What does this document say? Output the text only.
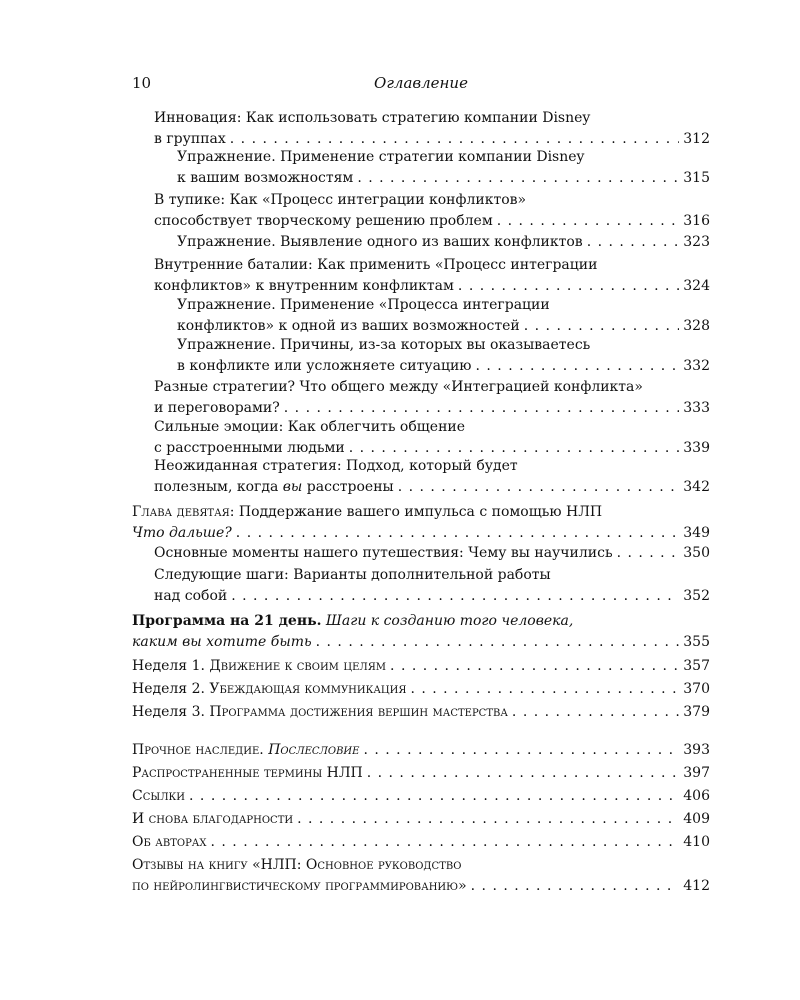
10	Оглавление
Инновация: Как использовать стратегию компании Disney
в группах . . .	312
Упражнение. Применение стратегии компании Disney
к вашим возможностям . . .	315
В тупике: Как «Процесс интеграции конфликтов»
способствует творческому решению проблем . . .	316
Упражнение. Выявление одного из ваших конфликтов . . .	323
Внутренние баталии: Как применить «Процесс интеграции
конфликтов» к внутренним конфликтам . . .	324
Упражнение. Применение «Процесса интеграции
конфликтов» к одной из ваших возможностей . . .	328
Упражнение. Причины, из-за которых вы оказываетесь
в конфликте или усложняете ситуацию . . .	332
Разные стратегии? Что общего между «Интеграцией конфликта»
и переговорами? . . .	333
Сильные эмоции: Как облегчить общение
с расстроенными людьми . . .	339
Неожиданная стратегия: Подход, который будет
полезным, когда вы расстроены . . .	342
Глава девятая: Поддержание вашего импульса с помощью НЛП
Что дальше? . . .	349
Основные моменты нашего путешествия: Чему вы научились . . .	350
Следующие шаги: Варианты дополнительной работы
над собой . . .	352
Программа на 21 день. Шаги к созданию того человека,
каким вы хотите быть . . .	355
Неделя 1. Движение к своим целям . . .	357
Неделя 2. Убеждающая коммуникация . . .	370
Неделя 3. Программа достижения вершин мастерства . . .	379
Прочное наследие. Послесловие . . .	393
Распространенные термины НЛП . . .	397
Ссылки . . .	406
И снова благодарности . . .	409
Об авторах . . .	410
Отзывы на книгу «НЛП: Основное руководство
по нейролингвистическому программированию» . . .	412
